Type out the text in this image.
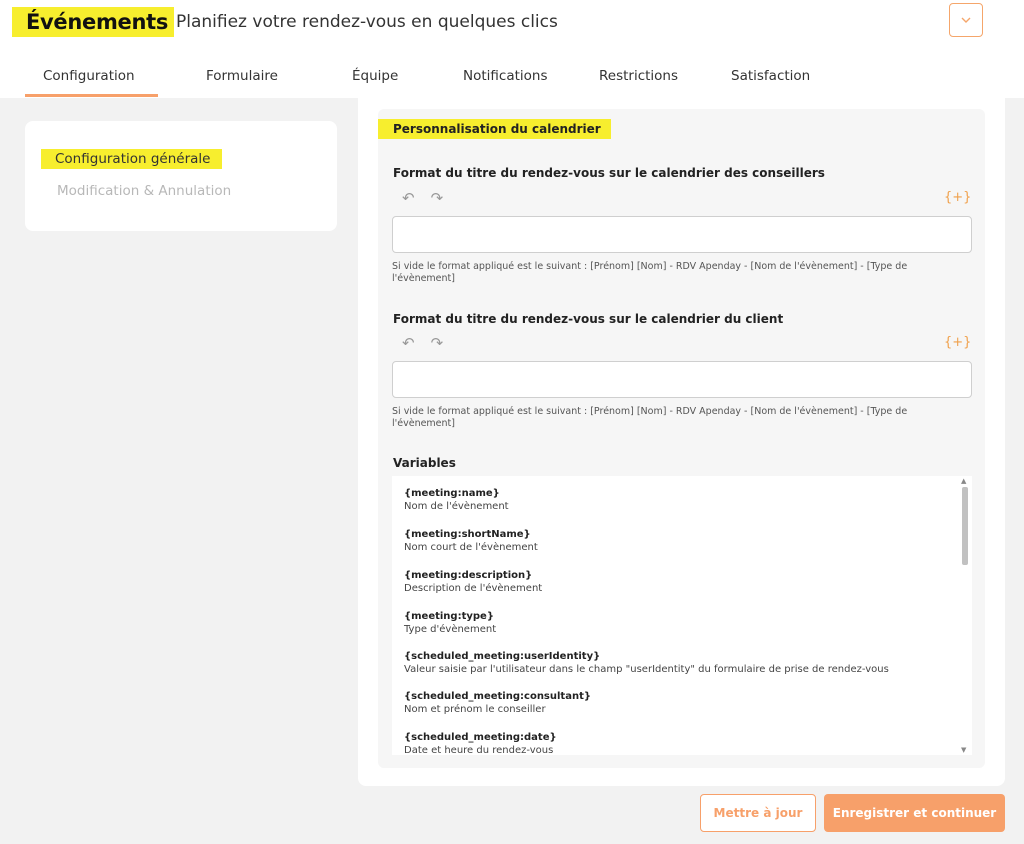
Événements Planifiez votre rendez-vous en quelques clics
Configuration	Formulaire	Équipe	Notifications	Restrictions	Satisfaction
Configuration générale
Modification & Annulation
Personnalisation du calendrier
Format du titre du rendez-vous sur le calendrier des conseillers
↶ ↷	{+}
Si vide le format appliqué est le suivant : [Prénom] [Nom] - RDV Apenday - [Nom de l'évènement] - [Type de l'évènement]
Format du titre du rendez-vous sur le calendrier du client
↶ ↷	{+}
Si vide le format appliqué est le suivant : [Prénom] [Nom] - RDV Apenday - [Nom de l'évènement] - [Type de l'évènement]
Variables
{meeting:name}
Nom de l'évènement
{meeting:shortName}
Nom court de l'évènement
{meeting:description}
Description de l'évènement
{meeting:type}
Type d'évènement
{scheduled_meeting:userIdentity}
Valeur saisie par l'utilisateur dans le champ "userIdentity" du formulaire de prise de rendez-vous
{scheduled_meeting:consultant}
Nom et prénom le conseiller
{scheduled_meeting:date}
Date et heure du rendez-vous
▲
▼
Mettre à jour	Enregistrer et continuer
